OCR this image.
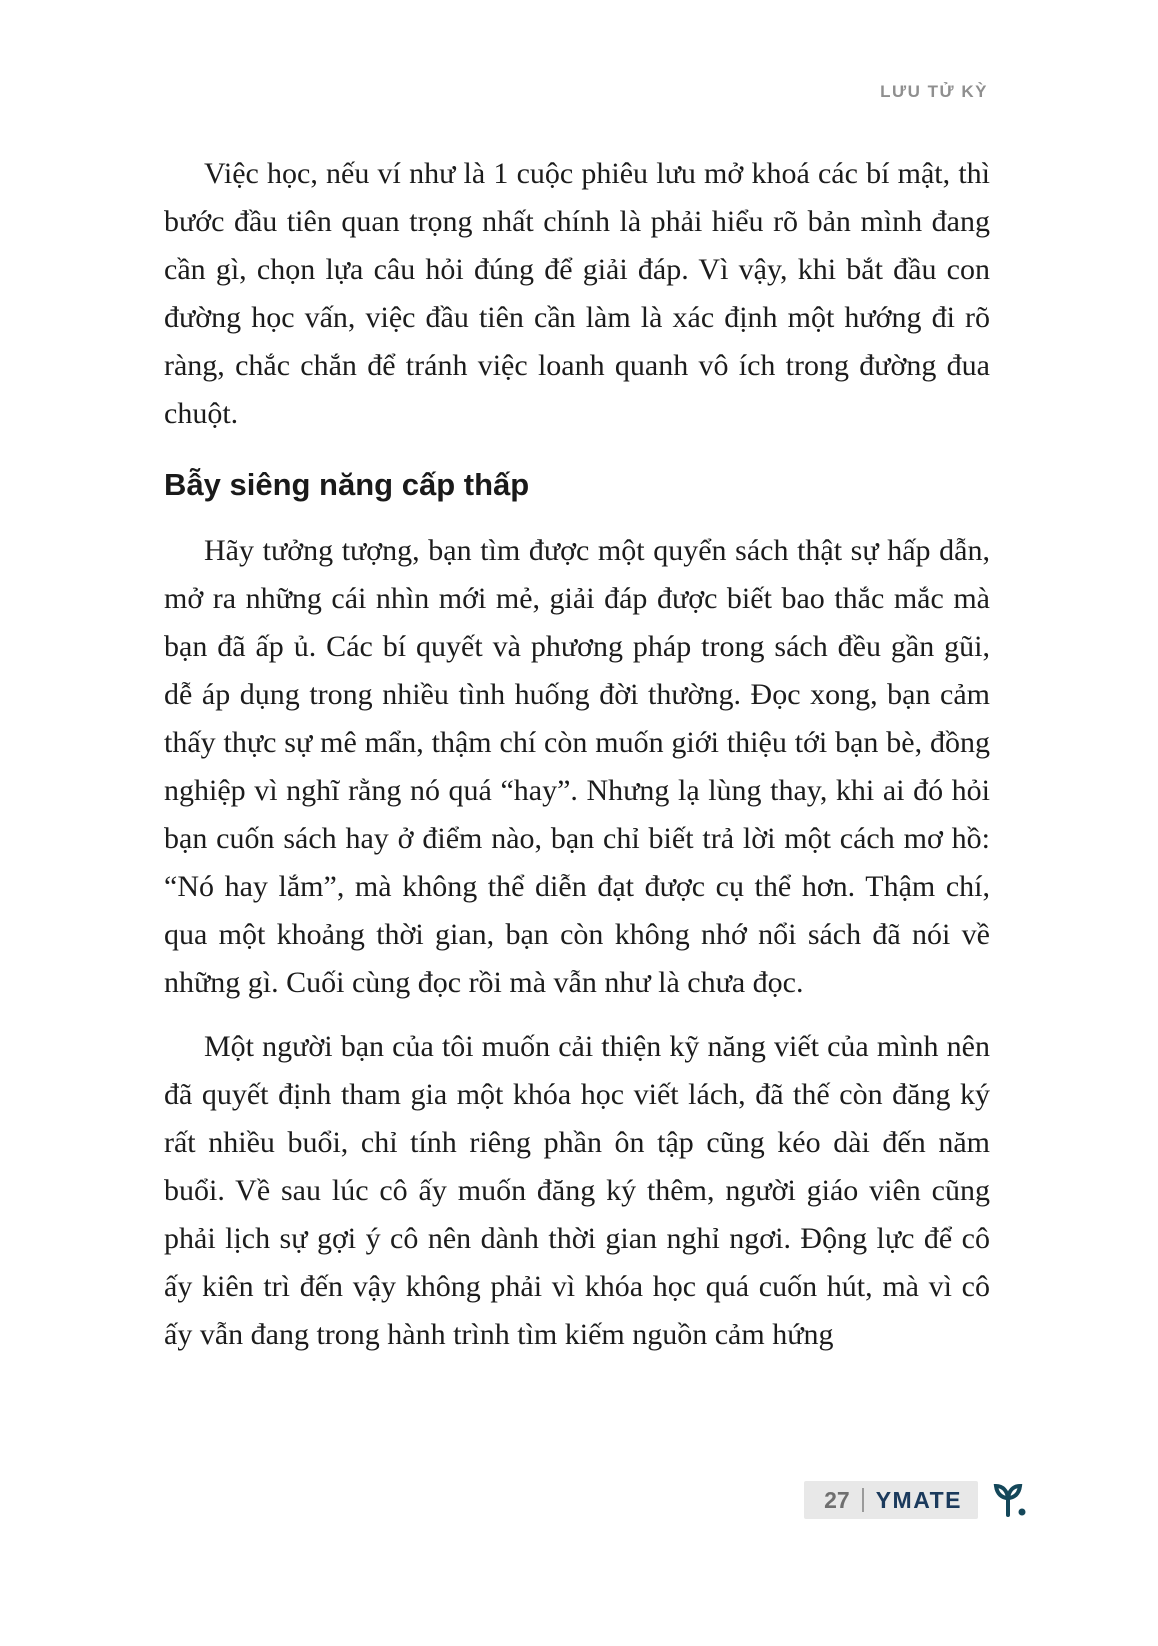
LƯU TỬ KỲ

Việc học, nếu ví như là 1 cuộc phiêu lưu mở khoá các bí mật, thì bước đầu tiên quan trọng nhất chính là phải hiểu rõ bản mình đang cần gì, chọn lựa câu hỏi đúng để giải đáp. Vì vậy, khi bắt đầu con đường học vấn, việc đầu tiên cần làm là xác định một hướng đi rõ ràng, chắc chắn để tránh việc loanh quanh vô ích trong đường đua chuột.

Bẫy siêng năng cấp thấp

Hãy tưởng tượng, bạn tìm được một quyển sách thật sự hấp dẫn, mở ra những cái nhìn mới mẻ, giải đáp được biết bao thắc mắc mà bạn đã ấp ủ. Các bí quyết và phương pháp trong sách đều gần gũi, dễ áp dụng trong nhiều tình huống đời thường. Đọc xong, bạn cảm thấy thực sự mê mẩn, thậm chí còn muốn giới thiệu tới bạn bè, đồng nghiệp vì nghĩ rằng nó quá “hay”. Nhưng lạ lùng thay, khi ai đó hỏi bạn cuốn sách hay ở điểm nào, bạn chỉ biết trả lời một cách mơ hồ: “Nó hay lắm”, mà không thể diễn đạt được cụ thể hơn. Thậm chí, qua một khoảng thời gian, bạn còn không nhớ nổi sách đã nói về những gì. Cuối cùng đọc rồi mà vẫn như là chưa đọc.

Một người bạn của tôi muốn cải thiện kỹ năng viết của mình nên đã quyết định tham gia một khóa học viết lách, đã thế còn đăng ký rất nhiều buổi, chỉ tính riêng phần ôn tập cũng kéo dài đến năm buổi. Về sau lúc cô ấy muốn đăng ký thêm, người giáo viên cũng phải lịch sự gợi ý cô nên dành thời gian nghỉ ngơi. Động lực để cô ấy kiên trì đến vậy không phải vì khóa học quá cuốn hút, mà vì cô ấy vẫn đang trong hành trình tìm kiếm nguồn cảm hứng

27 YMATE
